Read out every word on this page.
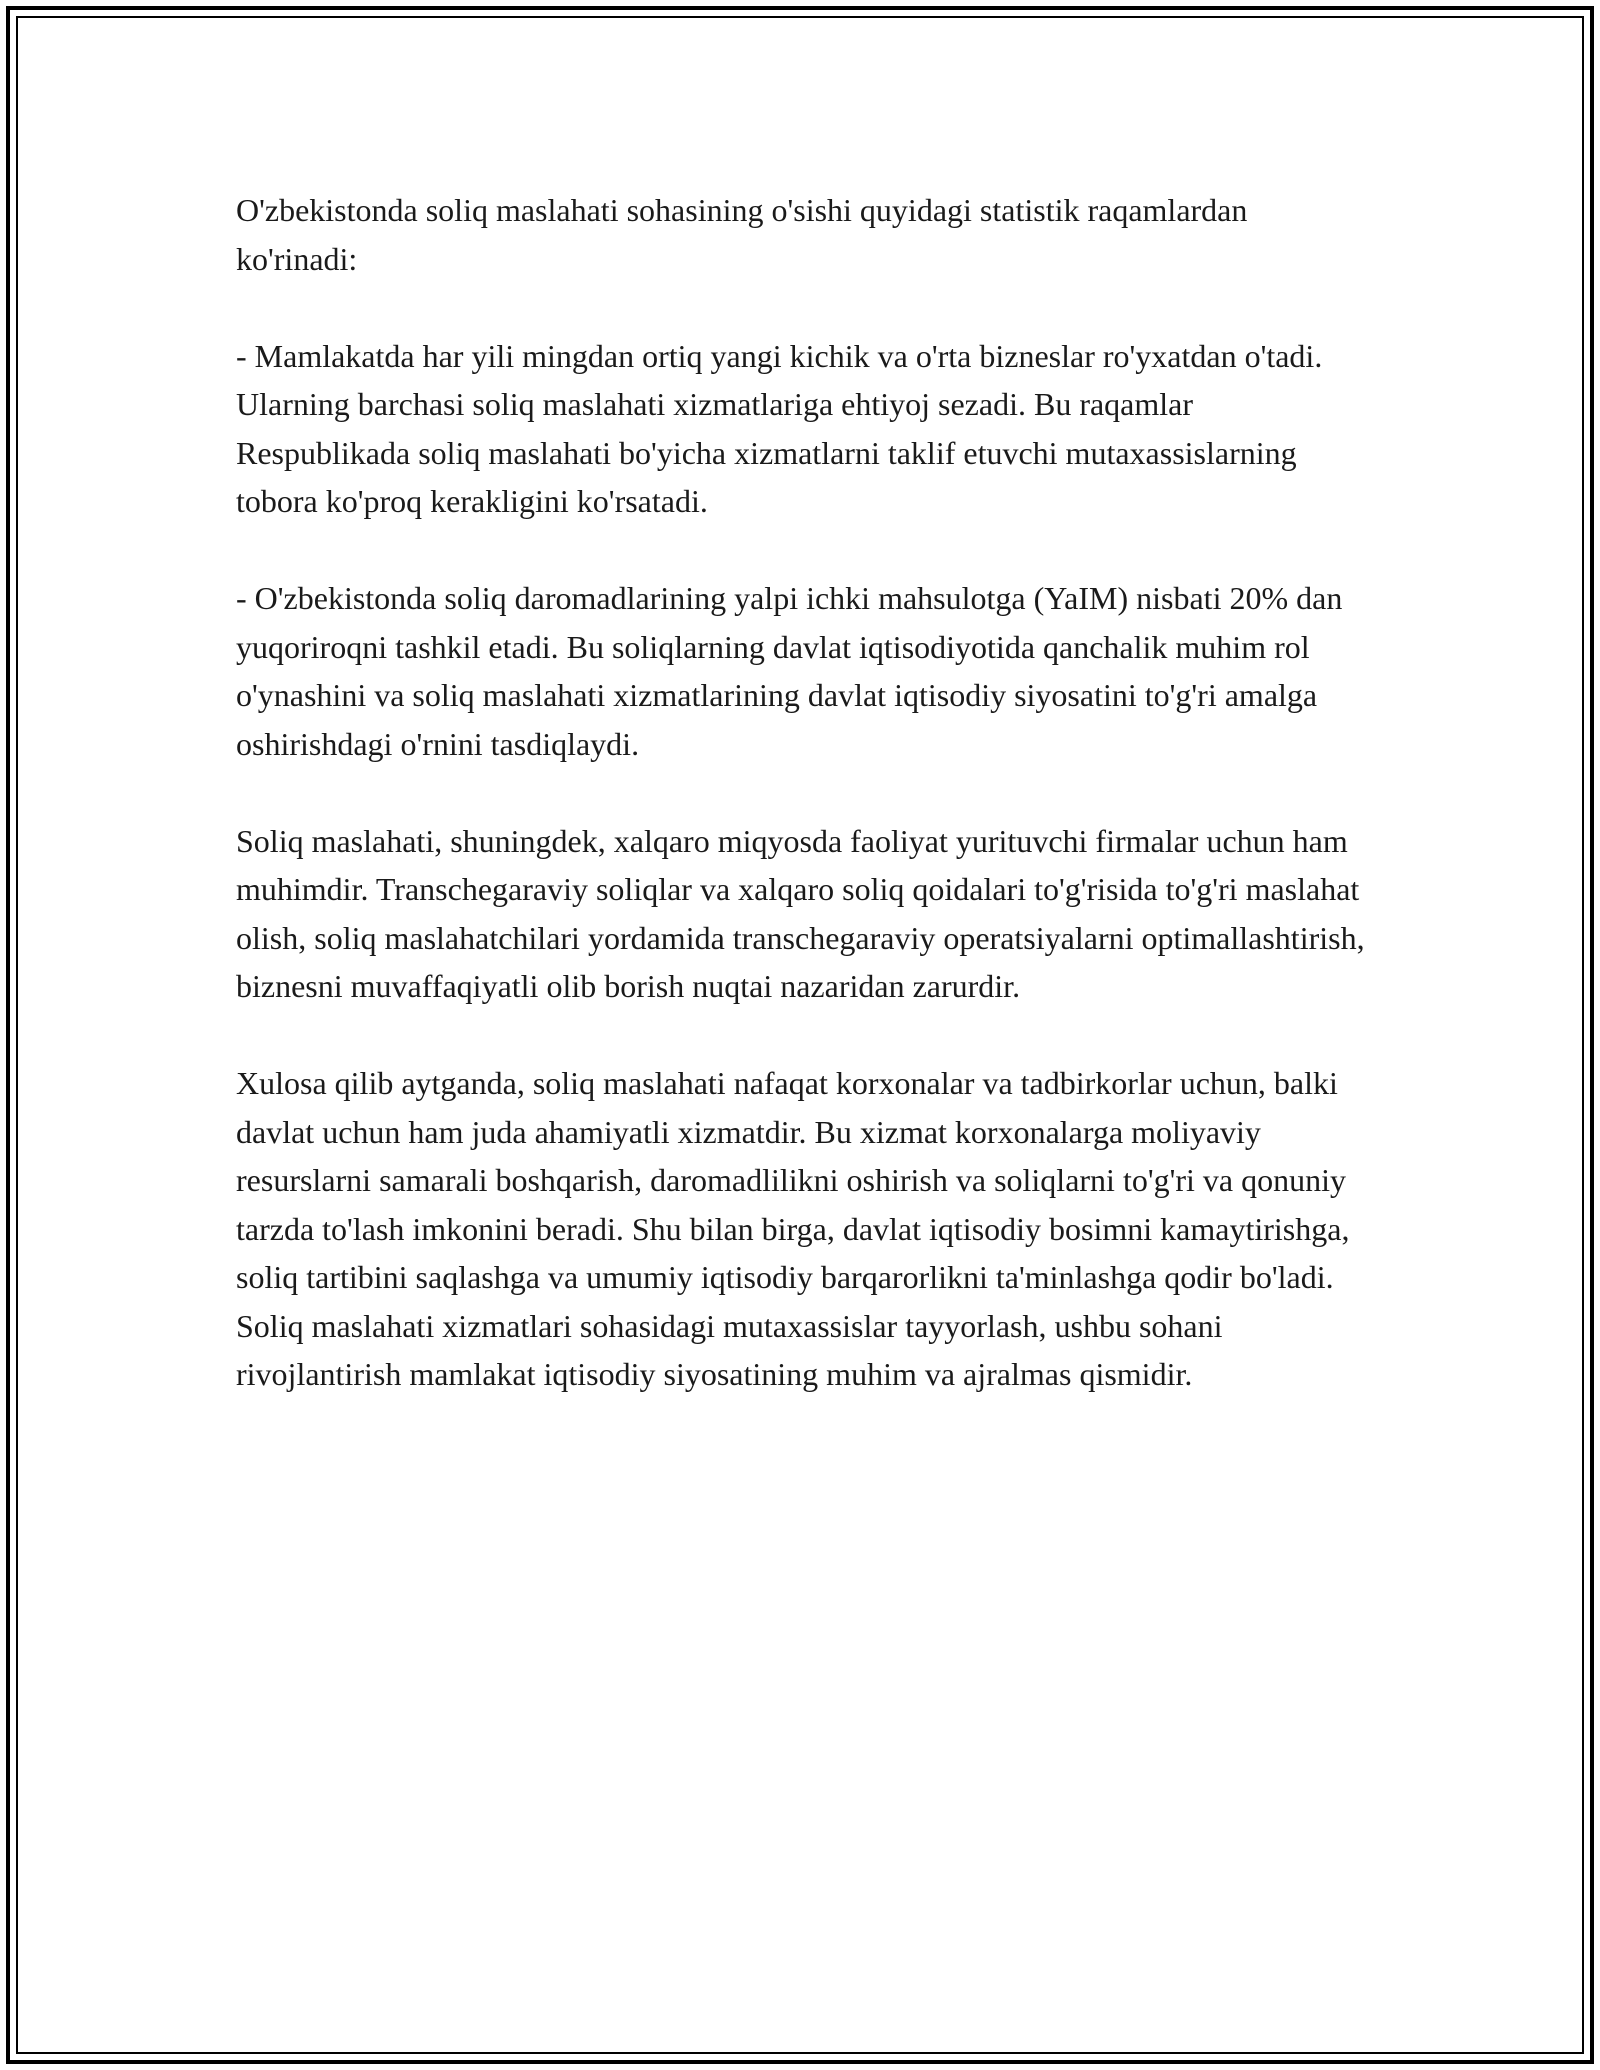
O'zbekistonda soliq maslahati sohasining o'sishi quyidagi statistik raqamlardan ko'rinadi:

- Mamlakatda har yili mingdan ortiq yangi kichik va o'rta bizneslar ro'yxatdan o'tadi. Ularning barchasi soliq maslahati xizmatlariga ehtiyoj sezadi. Bu raqamlar Respublikada soliq maslahati bo'yicha xizmatlarni taklif etuvchi mutaxassislarning tobora ko'proq kerakligini ko'rsatadi.

- O'zbekistonda soliq daromadlarining yalpi ichki mahsulotga (YaIM) nisbati 20% dan yuqoriroqni tashkil etadi. Bu soliqlarning davlat iqtisodiyotida qanchalik muhim rol o'ynashini va soliq maslahati xizmatlarining davlat iqtisodiy siyosatini to'g'ri amalga oshirishdagi o'rnini tasdiqlaydi.

Soliq maslahati, shuningdek, xalqaro miqyosda faoliyat yurituvchi firmalar uchun ham muhimdir. Transchegaraviy soliqlar va xalqaro soliq qoidalari to'g'risida to'g'ri maslahat olish, soliq maslahatchilari yordamida transchegaraviy operatsiyalarni optimallashtirish, biznesni muvaffaqiyatli olib borish nuqtai nazaridan zarurdir.

Xulosa qilib aytganda, soliq maslahati nafaqat korxonalar va tadbirkorlar uchun, balki davlat uchun ham juda ahamiyatli xizmatdir. Bu xizmat korxonalarga moliyaviy resurslarni samarali boshqarish, daromadlilikni oshirish va soliqlarni to'g'ri va qonuniy tarzda to'lash imkonini beradi. Shu bilan birga, davlat iqtisodiy bosimni kamaytirishga, soliq tartibini saqlashga va umumiy iqtisodiy barqarorlikni ta'minlashga qodir bo'ladi. Soliq maslahati xizmatlari sohasidagi mutaxassislar tayyorlash, ushbu sohani rivojlantirish mamlakat iqtisodiy siyosatining muhim va ajralmas qismidir.
